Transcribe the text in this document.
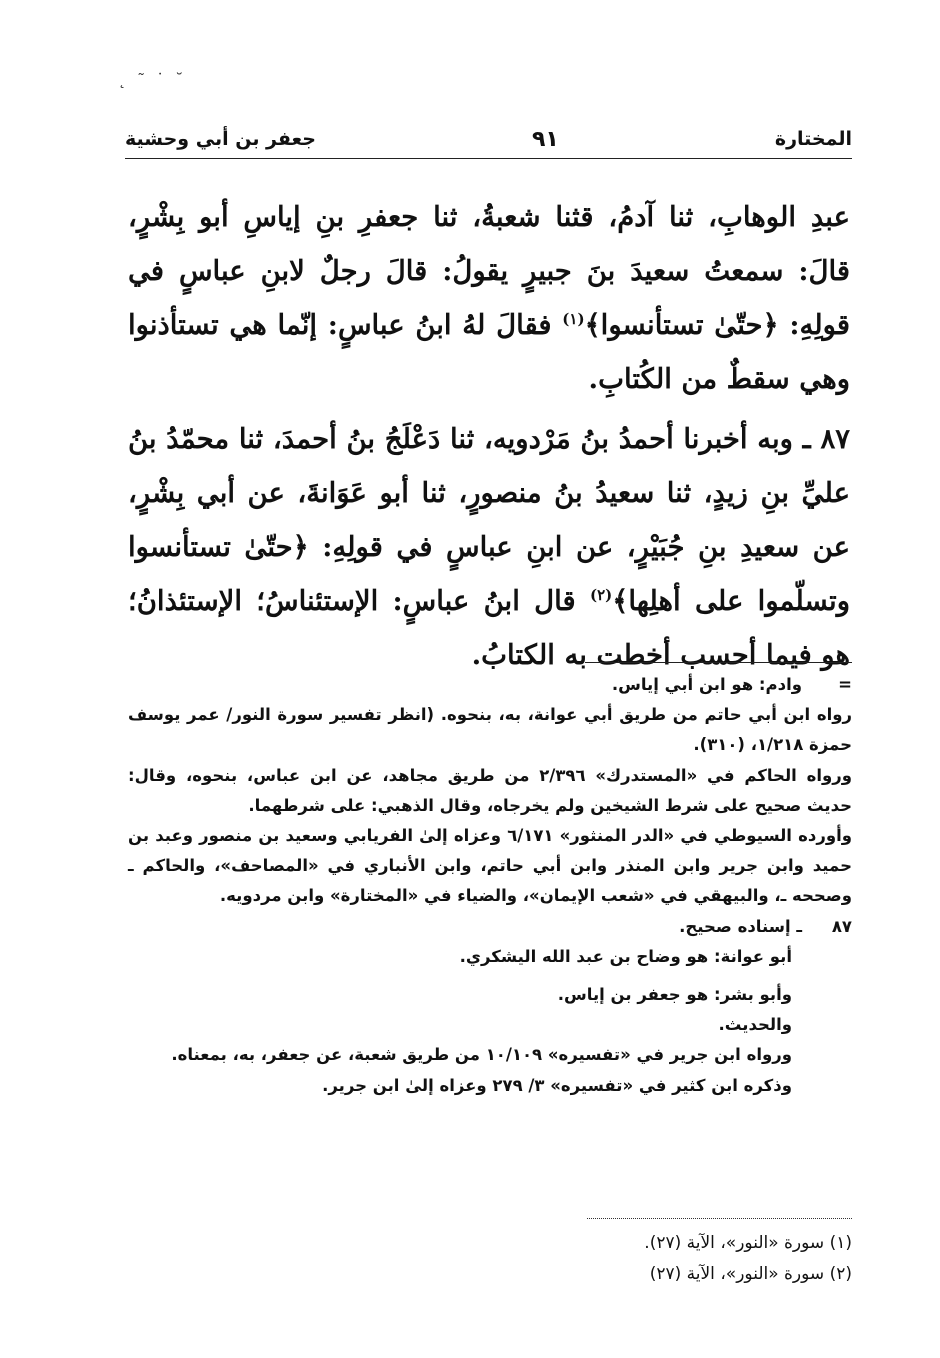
˛ ˜ ˙ ˘
جعفر بن أبي وحشية	٩١	المختارة

عبدِ الوهابِ، ثنا آدمُ، قثنا شعبةُ، ثنا جعفرِ بنِ إياسِ أبو بِشْرٍ، قالَ: سمعتُ سعيدَ بنَ جبيرٍ يقولُ: قالَ رجلٌ لابنِ عباسٍ في قولِهِ: ﴿حتّىٰ تستأنسوا﴾$^{(١)}$ فقالَ لهُ ابنُ عباسٍ: إنّما هي تستأذنوا وهي سقطٌ من الكُتابِ.

٨٧ ـ وبه أخبرنا أحمدُ بنُ مَرْدويه، ثنا دَعْلَجُ بنُ أحمدَ، ثنا محمّدُ بنُ عليِّ بنِ زيدٍ، ثنا سعيدُ بنُ منصورٍ، ثنا أبو عَوَانةَ، عن أبي بِشْرٍ، عن سعيدِ بنِ جُبَيْرٍ، عن ابنِ عباسٍ في قولِهِ: ﴿حتّىٰ تستأنسوا وتسلّموا على أهلِها﴾$^{(٢)}$ قال ابنُ عباسٍ: الإستئناسُ؛ الإستئذانُ؛ هو فيما أحسب أخطت به الكتابُ.

=
وادم: هو ابن أبي إياس.
رواه ابن أبي حاتم من طريق أبي عوانة، به، بنحوه. (انظر تفسير سورة النور/ عمر يوسف حمزة ١/٢١٨، (٣١٠).
ورواه الحاكم في «المستدرك» ٢/٣٩٦ من طريق مجاهد، عن ابن عباس، بنحوه، وقال: حديث صحيح على شرط الشيخين ولم يخرجاه، وقال الذهبي: على شرطهما.
وأورده السيوطي في «الدر المنثور» ٦/١٧١ وعزاه إلىٰ الفريابي وسعيد بن منصور وعبد بن حميد وابن جرير وابن المنذر وابن أبي حاتم، وابن الأنباري في «المصاحف»، والحاكم ـ وصححه ـ، والبيهقي في «شعب الإيمان»، والضياء في «المختارة» وابن مردويه.
٨٧
ـ إسناده صحيح.
أبو عوانة: هو وضاح بن عبد الله اليشكري.
وأبو بشر: هو جعفر بن إياس.
والحديث.
ورواه ابن جرير في «تفسيره» ١٠/١٠٩ من طريق شعبة، عن جعفر، به، بمعناه.
وذكره ابن كثير في «تفسيره» ٣/ ٢٧٩ وعزاه إلىٰ ابن جرير.
(١) سورة «النور»، الآية (٢٧).
(٢) سورة «النور»، الآية (٢٧)
